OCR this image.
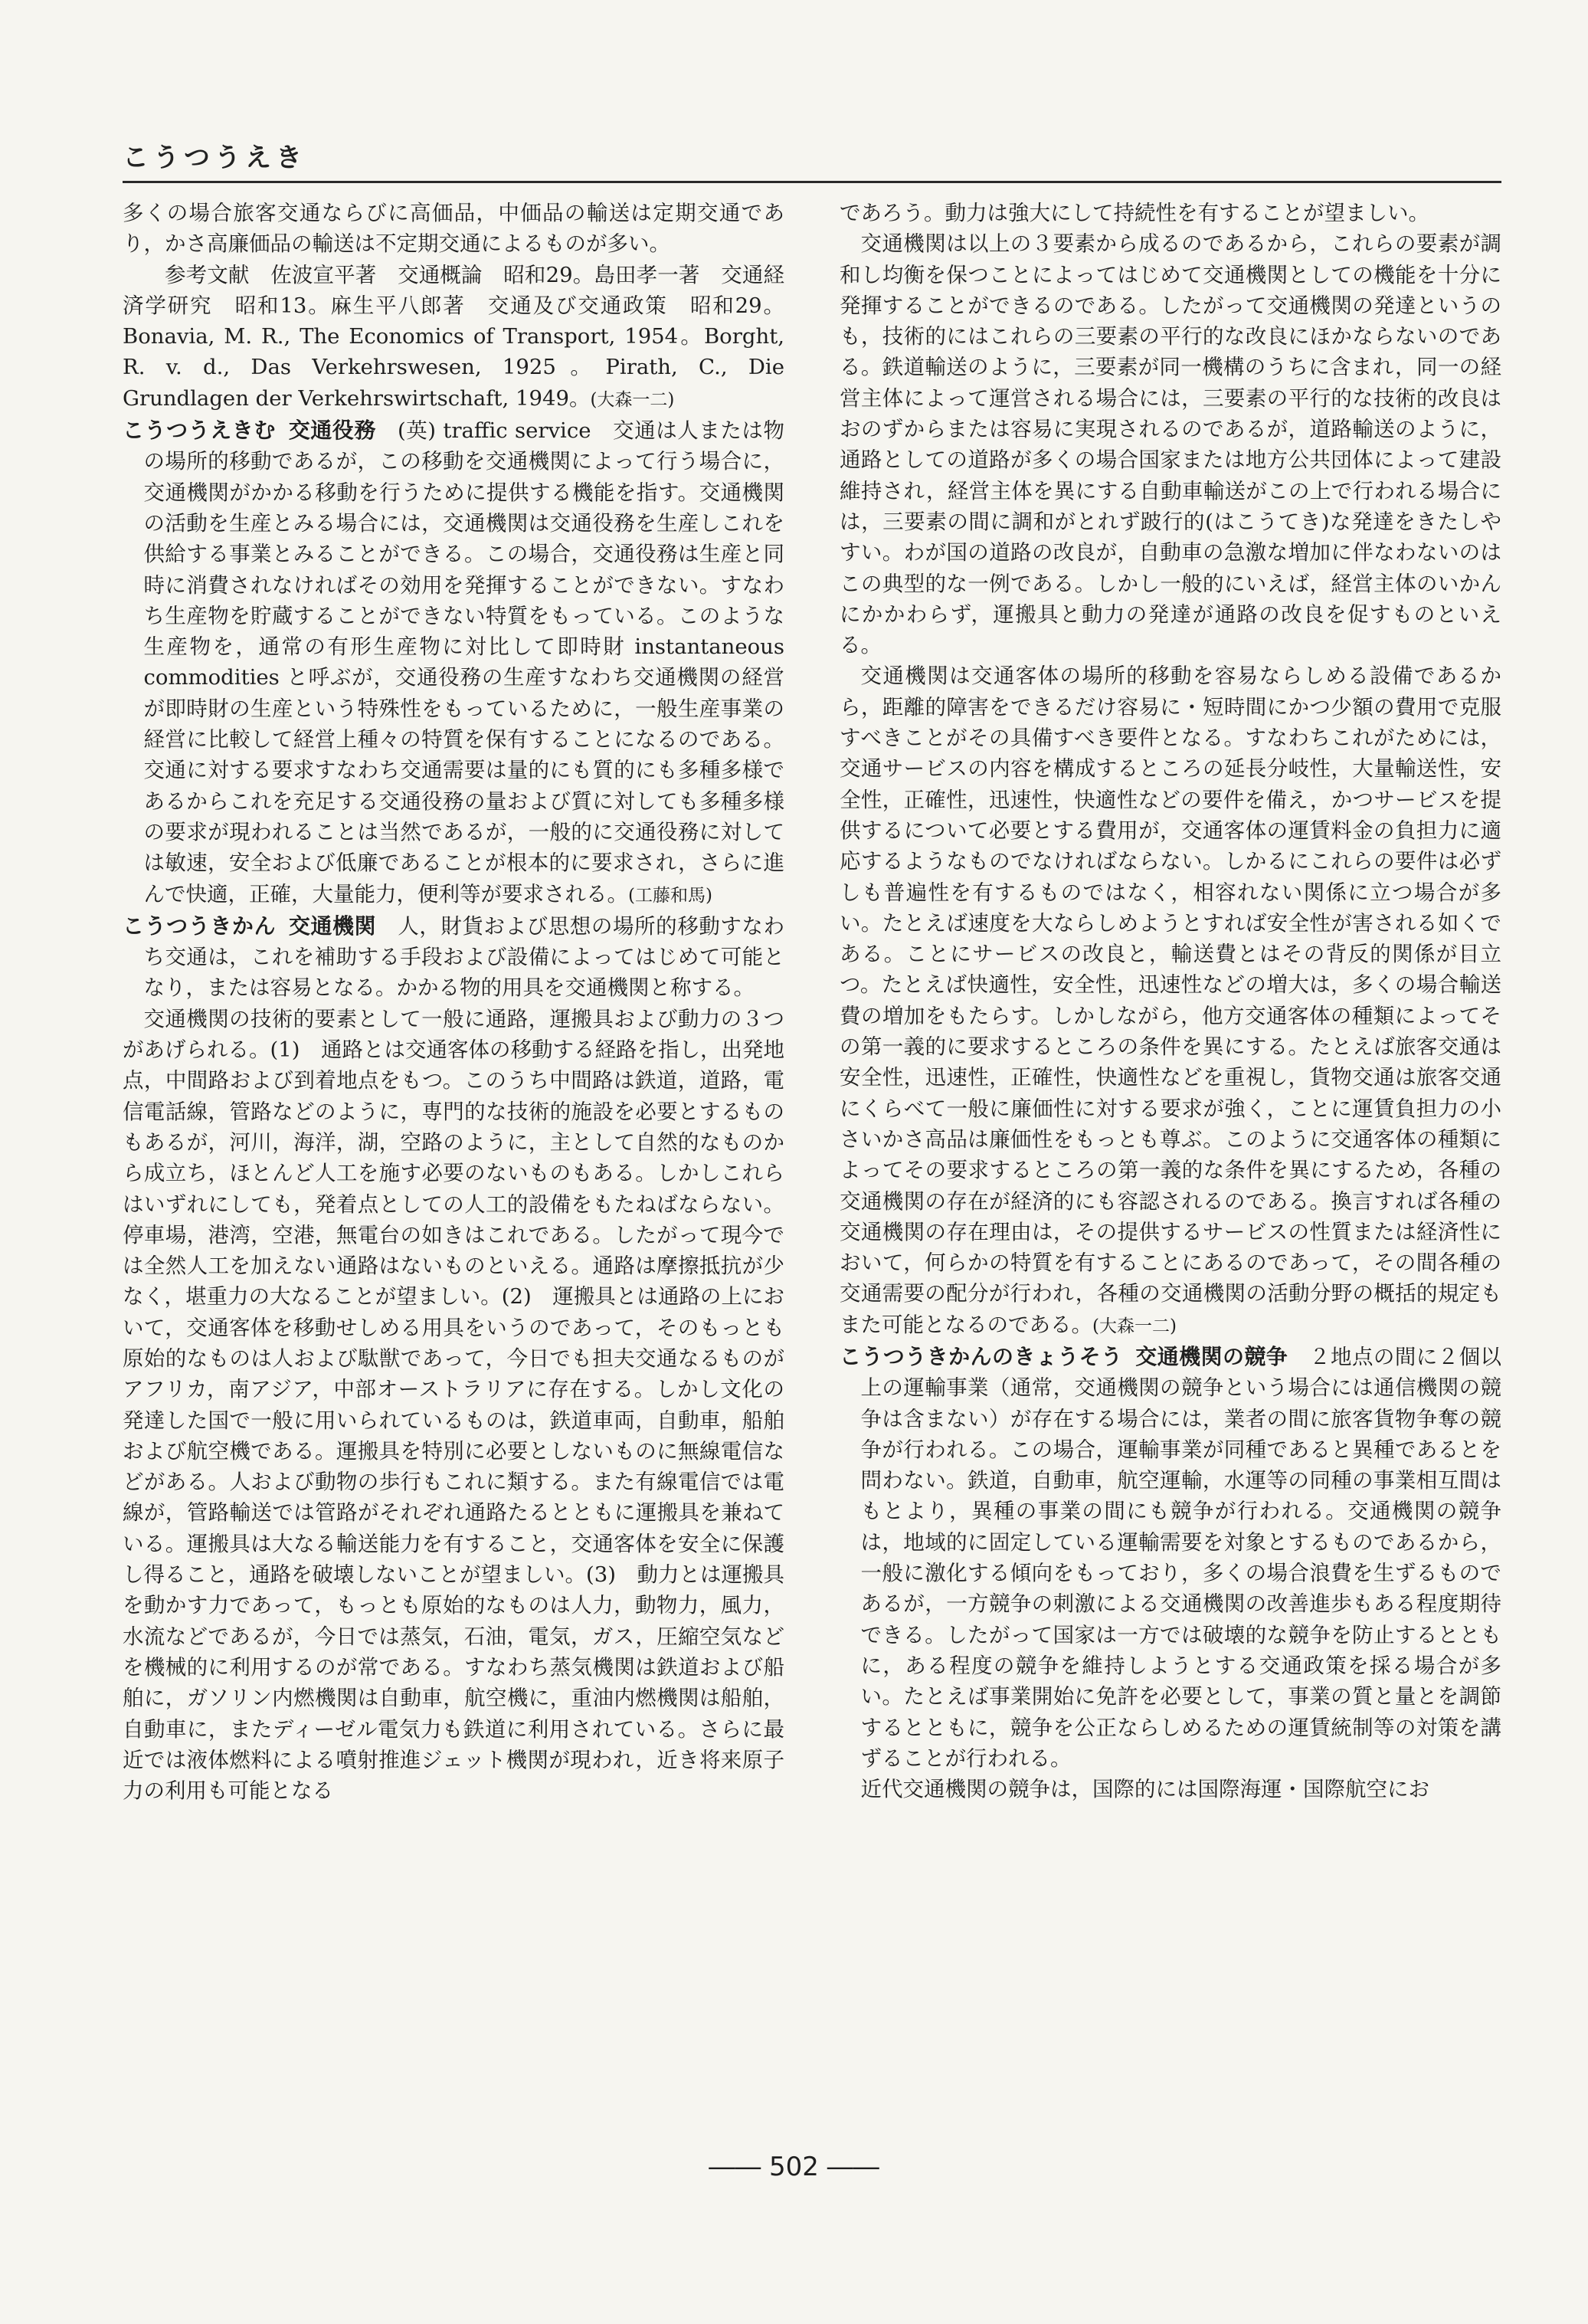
こうつうえき

多くの場合旅客交通ならびに高価品，中価品の輸送は定期交通であり，かさ高廉価品の輸送は不定期交通によるものが多い。

参考文献　佐波宣平著　交通概論　昭和29。島田孝一著　交通経済学研究　昭和13。麻生平八郎著　交通及び交通政策　昭和29。Bonavia, M. R., The Economics of Transport, 1954。Borght, R. v. d., Das Verkehrswesen, 1925。Pirath, C., Die Grundlagen der Verkehrswirtschaft, 1949。(大森一二)

こうつうえきむ 交通役務　 (英) traffic service　交通は人または物の場所的移動であるが，この移動を交通機関によって行う場合に，交通機関がかかる移動を行うために提供する機能を指す。交通機関の活動を生産とみる場合には，交通機関は交通役務を生産しこれを供給する事業とみることができる。この場合，交通役務は生産と同時に消費されなければその効用を発揮することができない。すなわち生産物を貯蔵することができない特質をもっている。このような生産物を，通常の有形生産物に対比して即時財 instantaneous commodities と呼ぶが，交通役務の生産すなわち交通機関の経営が即時財の生産という特殊性をもっているために，一般生産事業の経営に比較して経営上種々の特質を保有することになるのである。交通に対する要求すなわち交通需要は量的にも質的にも多種多様であるからこれを充足する交通役務の量および質に対しても多種多様の要求が現われることは当然であるが，一般的に交通役務に対しては敏速，安全および低廉であることが根本的に要求され，さらに進んで快適，正確，大量能力，便利等が要求される。(工藤和馬)

こうつうきかん 交通機関　 人，財貨および思想の場所的移動すなわち交通は，これを補助する手段および設備によってはじめて可能となり，または容易となる。かかる物的用具を交通機関と称する。

交通機関の技術的要素として一般に通路，運搬具および動力の３つがあげられる。(1)　通路とは交通客体の移動する経路を指し，出発地点，中間路および到着地点をもつ。このうち中間路は鉄道，道路，電信電話線，管路などのように，専門的な技術的施設を必要とするものもあるが，河川，海洋，湖，空路のように，主として自然的なものから成立ち，ほとんど人工を施す必要のないものもある。しかしこれらはいずれにしても，発着点としての人工的設備をもたねばならない。停車場，港湾，空港，無電台の如きはこれである。したがって現今では全然人工を加えない通路はないものといえる。通路は摩擦抵抗が少なく，堪重力の大なることが望ましい。(2)　運搬具とは通路の上において，交通客体を移動せしめる用具をいうのであって，そのもっとも原始的なものは人および駄獣であって，今日でも担夫交通なるものがアフリカ，南アジア，中部オーストラリアに存在する。しかし文化の発達した国で一般に用いられているものは，鉄道車両，自動車，船舶および航空機である。運搬具を特別に必要としないものに無線電信などがある。人および動物の歩行もこれに類する。また有線電信では電線が，管路輸送では管路がそれぞれ通路たるとともに運搬具を兼ねている。運搬具は大なる輸送能力を有すること，交通客体を安全に保護し得ること，通路を破壊しないことが望ましい。(3)　動力とは運搬具を動かす力であって，もっとも原始的なものは人力，動物力，風力，水流などであるが，今日では蒸気，石油，電気，ガス，圧縮空気などを機械的に利用するのが常である。すなわち蒸気機関は鉄道および船舶に，ガソリン内燃機関は自動車，航空機に，重油内燃機関は船舶，自動車に，またディーゼル電気力も鉄道に利用されている。さらに最近では液体燃料による噴射推進ジェット機関が現われ，近き将来原子力の利用も可能となる

であろう。動力は強大にして持続性を有することが望ましい。

交通機関は以上の３要素から成るのであるから，これらの要素が調和し均衡を保つことによってはじめて交通機関としての機能を十分に発揮することができるのである。したがって交通機関の発達というのも，技術的にはこれらの三要素の平行的な改良にほかならないのである。鉄道輸送のように，三要素が同一機構のうちに含まれ，同一の経営主体によって運営される場合には，三要素の平行的な技術的改良はおのずからまたは容易に実現されるのであるが，道路輸送のように，通路としての道路が多くの場合国家または地方公共団体によって建設維持され，経営主体を異にする自動車輸送がこの上で行われる場合には，三要素の間に調和がとれず跛行的(はこうてき)な発達をきたしやすい。わが国の道路の改良が，自動車の急激な増加に伴なわないのはこの典型的な一例である。しかし一般的にいえば，経営主体のいかんにかかわらず，運搬具と動力の発達が通路の改良を促すものといえる。

交通機関は交通客体の場所的移動を容易ならしめる設備であるから，距離的障害をできるだけ容易に・短時間にかつ少額の費用で克服すべきことがその具備すべき要件となる。すなわちこれがためには，交通サービスの内容を構成するところの延長分岐性，大量輸送性，安全性，正確性，迅速性，快適性などの要件を備え，かつサービスを提供するについて必要とする費用が，交通客体の運賃料金の負担力に適応するようなものでなければならない。しかるにこれらの要件は必ずしも普遍性を有するものではなく，相容れない関係に立つ場合が多い。たとえば速度を大ならしめようとすれば安全性が害される如くである。ことにサービスの改良と，輸送費とはその背反的関係が目立つ。たとえば快適性，安全性，迅速性などの増大は，多くの場合輸送費の増加をもたらす。しかしながら，他方交通客体の種類によってその第一義的に要求するところの条件を異にする。たとえば旅客交通は安全性，迅速性，正確性，快適性などを重視し，貨物交通は旅客交通にくらべて一般に廉価性に対する要求が強く，ことに運賃負担力の小さいかさ高品は廉価性をもっとも尊ぶ。このように交通客体の種類によってその要求するところの第一義的な条件を異にするため，各種の交通機関の存在が経済的にも容認されるのである。換言すれば各種の交通機関の存在理由は，その提供するサービスの性質または経済性において，何らかの特質を有することにあるのであって，その間各種の交通需要の配分が行われ，各種の交通機関の活動分野の概括的規定もまた可能となるのである。(大森一二)

こうつうきかんのきょうそう 交通機関の競争　 ２地点の間に２個以上の運輸事業（通常，交通機関の競争という場合には通信機関の競争は含まない）が存在する場合には，業者の間に旅客貨物争奪の競争が行われる。この場合，運輸事業が同種であると異種であるとを問わない。鉄道，自動車，航空運輸，水運等の同種の事業相互間はもとより，異種の事業の間にも競争が行われる。交通機関の競争は，地域的に固定している運輸需要を対象とするものであるから，一般に激化する傾向をもっており，多くの場合浪費を生ずるものであるが，一方競争の刺激による交通機関の改善進歩もある程度期待できる。したがって国家は一方では破壊的な競争を防止するとともに，ある程度の競争を維持しようとする交通政策を採る場合が多い。たとえば事業開始に免許を必要として，事業の質と量とを調節するとともに，競争を公正ならしめるための運賃統制等の対策を講ずることが行われる。

近代交通機関の競争は，国際的には国際海運・国際航空にお

―― 502 ――
